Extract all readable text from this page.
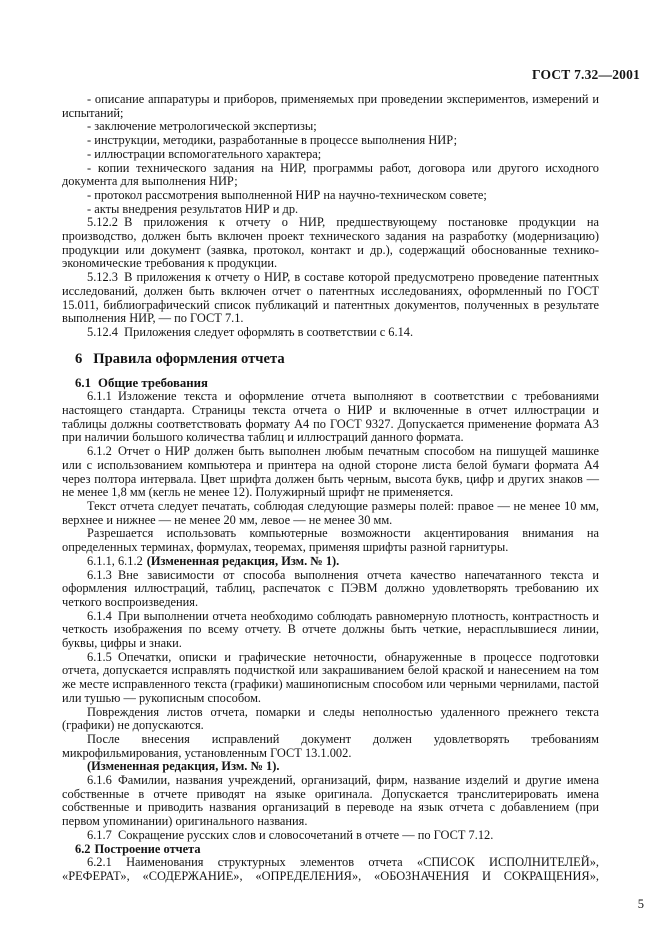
ГОСТ 7.32—2001

- описание аппаратуры и приборов, применяемых при проведении экспериментов, измерений и испытаний;

- заключение метрологической экспертизы;

- инструкции, методики, разработанные в процессе выполнения НИР;

- иллюстрации вспомогательного характера;

- копии технического задания на НИР, программы работ, договора или другого исходного документа для выполнения НИР;

- протокол рассмотрения выполненной НИР на научно-техническом совете;

- акты внедрения результатов НИР и др.

5.12.2 В приложения к отчету о НИР, предшествующему постановке продукции на производство, должен быть включен проект технического задания на разработку (модернизацию) продукции или документ (заявка, протокол, контакт и др.), содержащий обоснованные технико-экономические требования к продукции.

5.12.3 В приложения к отчету о НИР, в составе которой предусмотрено проведение патентных исследований, должен быть включен отчет о патентных исследованиях, оформленный по ГОСТ 15.011, библиографический список публикаций и патентных документов, полученных в результате выполнения НИР, — по ГОСТ 7.1.

5.12.4 Приложения следует оформлять в соответствии с 6.14.

6 Правила оформления отчета
6.1 Общие требования

6.1.1 Изложение текста и оформление отчета выполняют в соответствии с требованиями настоящего стандарта. Страницы текста отчета о НИР и включенные в отчет иллюстрации и таблицы должны соответствовать формату А4 по ГОСТ 9327. Допускается применение формата А3 при наличии большого количества таблиц и иллюстраций данного формата.

6.1.2 Отчет о НИР должен быть выполнен любым печатным способом на пишущей машинке или с использованием компьютера и принтера на одной стороне листа белой бумаги формата А4 через полтора интервала. Цвет шрифта должен быть черным, высота букв, цифр и других знаков — не менее 1,8 мм (кегль не менее 12). Полужирный шрифт не применяется.

Текст отчета следует печатать, соблюдая следующие размеры полей: правое — не менее 10 мм, верхнее и нижнее — не менее 20 мм, левое — не менее 30 мм.

Разрешается использовать компьютерные возможности акцентирования внимания на определенных терминах, формулах, теоремах, применяя шрифты разной гарнитуры.

6.1.1, 6.1.2 (Измененная редакция, Изм. № 1).

6.1.3 Вне зависимости от способа выполнения отчета качество напечатанного текста и оформления иллюстраций, таблиц, распечаток с ПЭВМ должно удовлетворять требованию их четкого воспроизведения.

6.1.4 При выполнении отчета необходимо соблюдать равномерную плотность, контрастность и четкость изображения по всему отчету. В отчете должны быть четкие, нерасплывшиеся линии, буквы, цифры и знаки.

6.1.5 Опечатки, описки и графические неточности, обнаруженные в процессе подготовки отчета, допускается исправлять подчисткой или закрашиванием белой краской и нанесением на том же месте исправленного текста (графики) машинописным способом или черными чернилами, пастой или тушью — рукописным способом.

Повреждения листов отчета, помарки и следы неполностью удаленного прежнего текста (графики) не допускаются.

После внесения исправлений документ должен удовлетворять требованиям микрофильмирования, установленным ГОСТ 13.1.002.

(Измененная редакция, Изм. № 1).

6.1.6 Фамилии, названия учреждений, организаций, фирм, название изделий и другие имена собственные в отчете приводят на языке оригинала. Допускается транслитерировать имена собственные и приводить названия организаций в переводе на язык отчета с добавлением (при первом упоминании) оригинального названия.

6.1.7 Сокращение русских слов и словосочетаний в отчете — по ГОСТ 7.12.

6.2 Построение отчета

6.2.1 Наименования структурных элементов отчета «СПИСОК ИСПОЛНИТЕЛЕЙ», «РЕФЕРАТ», «СОДЕРЖАНИЕ», «ОПРЕДЕЛЕНИЯ», «ОБОЗНАЧЕНИЯ И СОКРАЩЕНИЯ»,

5
